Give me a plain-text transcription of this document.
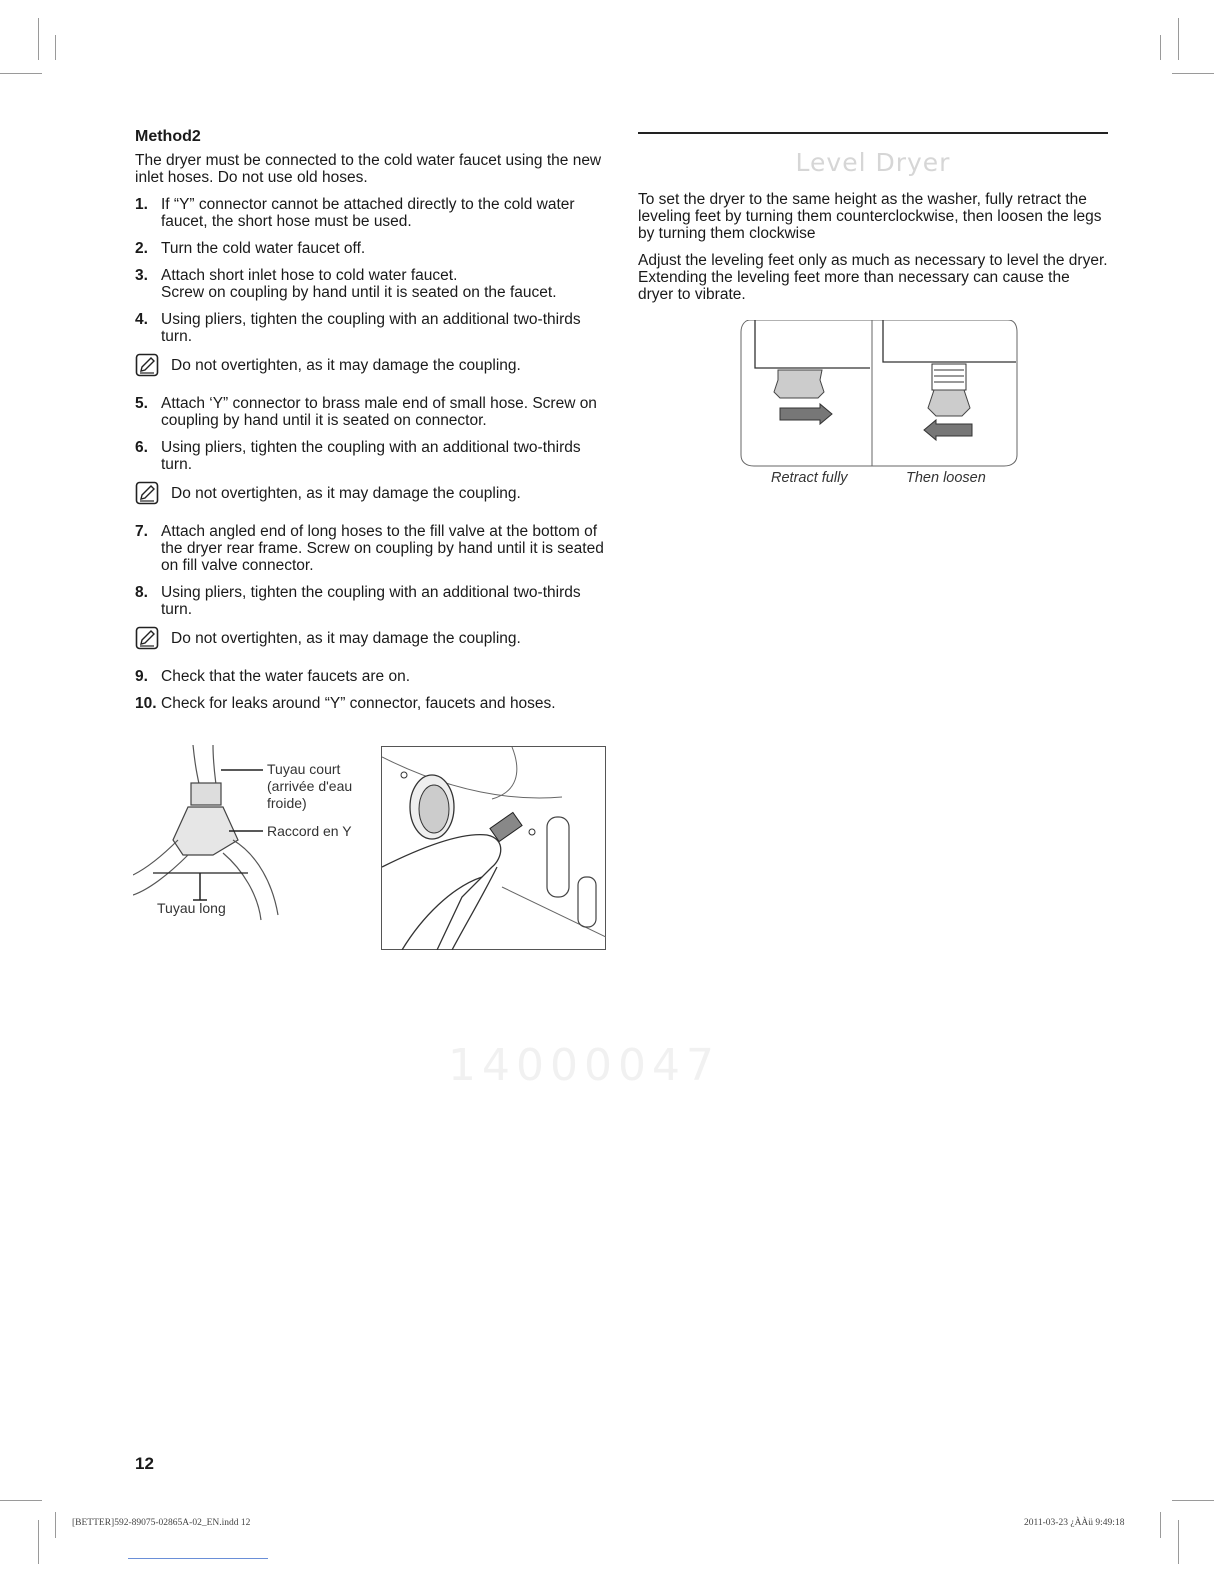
Method2

The dryer must be connected to the cold water faucet using the new inlet hoses. Do not use old hoses.

1. If “Y” connector cannot be attached directly to the cold water faucet, the short hose must be used.
2. Turn the cold water faucet off.
3. Attach short inlet hose to cold water faucet.
Screw on coupling by hand until it is seated on the faucet.
4. Using pliers, tighten the coupling with an additional two-thirds turn.
Do not overtighten, as it may damage the coupling.
5. Attach ‘Y” connector to brass male end of small hose. Screw on coupling by hand until it is seated on connector.
6. Using pliers, tighten the coupling with an additional two-thirds turn.
Do not overtighten, as it may damage the coupling.
7. Attach angled end of long hoses to the fill valve at the bottom of the dryer rear frame. Screw on coupling by hand until it is seated on fill valve connector.
8. Using pliers, tighten the coupling with an additional two-thirds turn.
Do not overtighten, as it may damage the coupling.
9. Check that the water faucets are on.
10. Check for leaks around “Y” connector, faucets and hoses.
Tuyau court
(arrivée d'eau
froide)
Raccord en Y
Tuyau long
Level Dryer

To set the dryer to the same height as the washer, fully retract the leveling feet by turning them counterclockwise, then loosen the legs by turning them clockwise

Adjust the leveling feet only as much as necessary to level the dryer. Extending the leveling feet more than necessary can cause the dryer to vibrate.

Retract fully	Then loosen
14000047
12
[BETTER]592-89075-02865A-02_EN.indd 12	2011-03-23 ¿ÀÀü 9:49:18
